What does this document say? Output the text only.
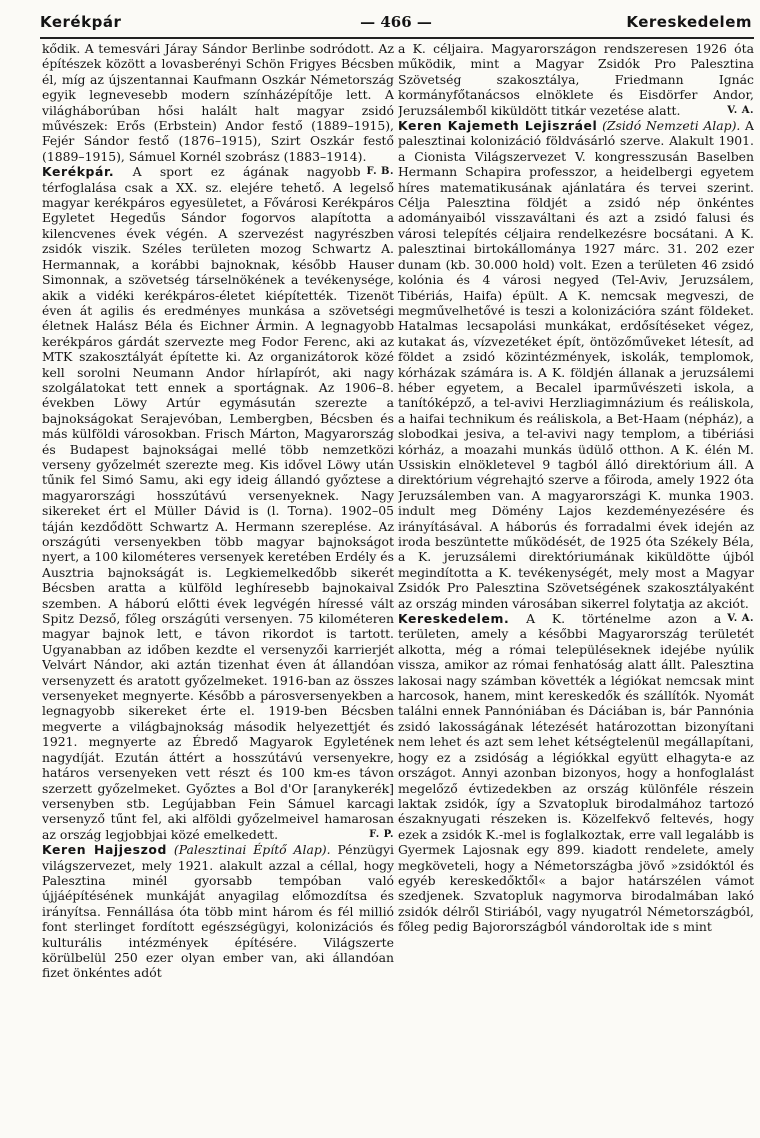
Kerékpár	— 466 —	Kereskedelem

kődik. A temesvári Járay Sándor Berlinbe sodródott. Az építészek között a lovasberényi Schön Frigyes Bécsben él, míg az újszentannai Kaufmann Oszkár Németország egyik legnevesebb modern színházépítője lett. A világháborúban hősi halált halt magyar zsidó művészek: Erős (Erbstein) Andor festő (1889–1915), Fejér Sándor festő (1876–1915), Szirt Oszkár festő (1889–1915), Sámuel Kornél szobrász (1883–1914).
F. B.

Kerékpár. A sport ez ágának nagyobb térfoglalása csak a XX. sz. elejére tehető. A legelső magyar kerékpáros egyesületet, a Fővárosi Kerékpáros Egyletet Hegedűs Sándor fogorvos alapította a kilencvenes évek végén. A szervezést nagyrészben zsidók viszik. Széles területen mozog Schwartz A. Hermannak, a korábbi bajnoknak, később Hauser Simonnak, a szövetség társelnökének a tevékenysége, akik a vidéki kerékpáros-életet kiépítették. Tizenöt éven át agilis és eredményes munkása a szövetségi életnek Halász Béla és Eichner Ármin. A legnagyobb kerékpáros gárdát szervezte meg Fodor Ferenc, aki az MTK szakosztályát építette ki. Az organizátorok közé kell sorolni Neumann Andor hírlapírót, aki nagy szolgálatokat tett ennek a sportágnak. Az 1906–8. években Löwy Artúr egymásután szerezte a bajnokságokat Serajevóban, Lembergben, Bécsben és más külföldi városokban. Frisch Márton, Magyarország és Budapest bajnokságai mellé több nemzetközi verseny győzelmét szerezte meg. Kis idővel Löwy után tűnik fel Simó Samu, aki egy ideig állandó győztese a magyarországi hosszútávú versenyeknek. Nagy sikereket ért el Müller Dávid is (l. Torna). 1902–05 táján kezdődött Schwartz A. Hermann szereplése. Az országúti versenyekben több magyar bajnokságot nyert, a 100 kilométeres versenyek keretében Erdély és Ausztria bajnokságát is. Legkiemelkedőbb sikerét Bécsben aratta a külföld leghíresebb bajnokaival szemben. A háború előtti évek legvégén híressé vált Spitz Dezső, főleg országúti versenyen. 75 kilométeren magyar bajnok lett, e távon rikordot is tartott. Ugyanabban az időben kezdte el versenyzői karrierjét Velvárt Nándor, aki aztán tizenhat éven át állandóan versenyzett és aratott győzelmeket. 1916-ban az összes versenyeket megnyerte. Később a párosversenyekben a legnagyobb sikereket érte el. 1919-ben Bécsben megverte a világbajnokság második helyezettjét és 1921. megnyerte az Ébredő Magyarok Egyletének nagydíját. Ezután áttért a hosszútávú versenyekre, határos versenyeken vett részt és 100 km-es távon szerzett győzelmeket. Győztes a Bol d'Or [aranykerék] versenyben stb. Legújabban Fein Sámuel karcagi versenyző tűnt fel, aki alföldi győzelmeivel hamarosan az ország legjobbjai közé emelkedett.	F. P.

Keren Hajjeszod (Palesztinai Építő Alap). Pénzügyi világszervezet, mely 1921. alakult azzal a céllal, hogy Palesztina minél gyorsabb tempóban való újjáépítésének munkáját anyagilag előmozdítsa és irányítsa. Fennállása óta több mint három és fél millió font sterlinget fordított egészségügyi, kolonizációs és kulturális intézmények építésére. Világszerte körülbelül 250 ezer olyan ember van, aki állandóan fizet önkéntes adót

a K. céljaira. Magyarországon rendszeresen 1926 óta működik, mint a Magyar Zsidók Pro Palesztina Szövetség szakosztálya, Friedmann Ignác kormányfőtanácsos elnöklete és Eisdörfer Andor, Jeruzsálemből kiküldött titkár vezetése alatt.	V. A.

Keren Kajemeth Lejiszráel (Zsidó Nemzeti Alap). A palesztinai kolonizáció földvásárló szerve. Alakult 1901. a Cionista Világszervezet V. kongresszusán Baselben Hermann Schapira professzor, a heidelbergi egyetem híres matematikusának ajánlatára és tervei szerint. Célja Palesztina földjét a zsidó nép önkéntes adományaiból visszaváltani és azt a zsidó falusi és városi telepítés céljaira rendelkezésre bocsátani. A K. palesztinai birtokállománya 1927 márc. 31. 202 ezer dunam (kb. 30.000 hold) volt. Ezen a területen 46 zsidó kolónia és 4 városi negyed (Tel-Aviv, Jeruzsálem, Tibériás, Haifa) épült. A K. nemcsak megveszi, de megművelhetővé is teszi a kolonizációra szánt földeket. Hatalmas lecsapolási munkákat, erdősítéseket végez, kutakat ás, vízvezetéket épít, öntözőműveket létesít, ad földet a zsidó közintézmények, iskolák, templomok, kórházak számára is. A K. földjén állanak a jeruzsálemi héber egyetem, a Becalel iparművészeti iskola, a tanítóképző, a tel-avivi Herzliagimnázium és reáliskola, a haifai technikum és reáliskola, a Bet-Haam (népház), a slobodkai jesiva, a tel-avivi nagy templom, a tibériási kórház, a moazahi munkás üdülő otthon. A K. élén M. Ussiskin elnökletevel 9 tagból álló direktórium áll. A direktórium végrehajtó szerve a főiroda, amely 1922 óta Jeruzsálemben van. A magyarországi K. munka 1903. indult meg Dömény Lajos kezdeményezésére és irányításával. A háborús és forradalmi évek idején az iroda beszüntette működését, de 1925 óta Székely Béla, a K. jeruzsálemi direktóriumának kiküldötte újból megindította a K. tevékenységét, mely most a Magyar Zsidók Pro Palesztina Szövetségének szakosztályaként az ország minden városában sikerrel folytatja az akciót.
V. A.

Kereskedelem. A K. történelme azon a területen, amely a későbbi Magyarország területét alkotta, még a római településeknek idejébe nyúlik vissza, amikor az római fenhatóság alatt állt. Palesztina lakosai nagy számban követték a légiókat nemcsak mint harcosok, hanem, mint kereskedők és szállítók. Nyomát találni ennek Pannóniában és Dáciában is, bár Pannónia zsidó lakosságának létezését határozottan bizonyítani nem lehet és azt sem lehet kétségtelenül megállapítani, hogy ez a zsidóság a légiókkal együtt elhagyta-e az országot. Annyi azonban bizonyos, hogy a honfoglalást megelőző évtizedekben az ország különféle részein laktak zsidók, így a Szvatopluk birodalmához tartozó északnyugati részeken is. Közelfekvő feltevés, hogy ezek a zsidók K.-mel is foglalkoztak, erre vall legalább is Gyermek Lajosnak egy 899. kiadott rendelete, amely megköveteli, hogy a Németországba jövő »zsidóktól és egyéb kereskedőktől« a bajor határszélen vámot szedjenek. Szvatopluk nagymorva birodalmában lakó zsidók délről Stiriából, vagy nyugatról Németországból, főleg pedig Bajorországból vándoroltak ide s mint
